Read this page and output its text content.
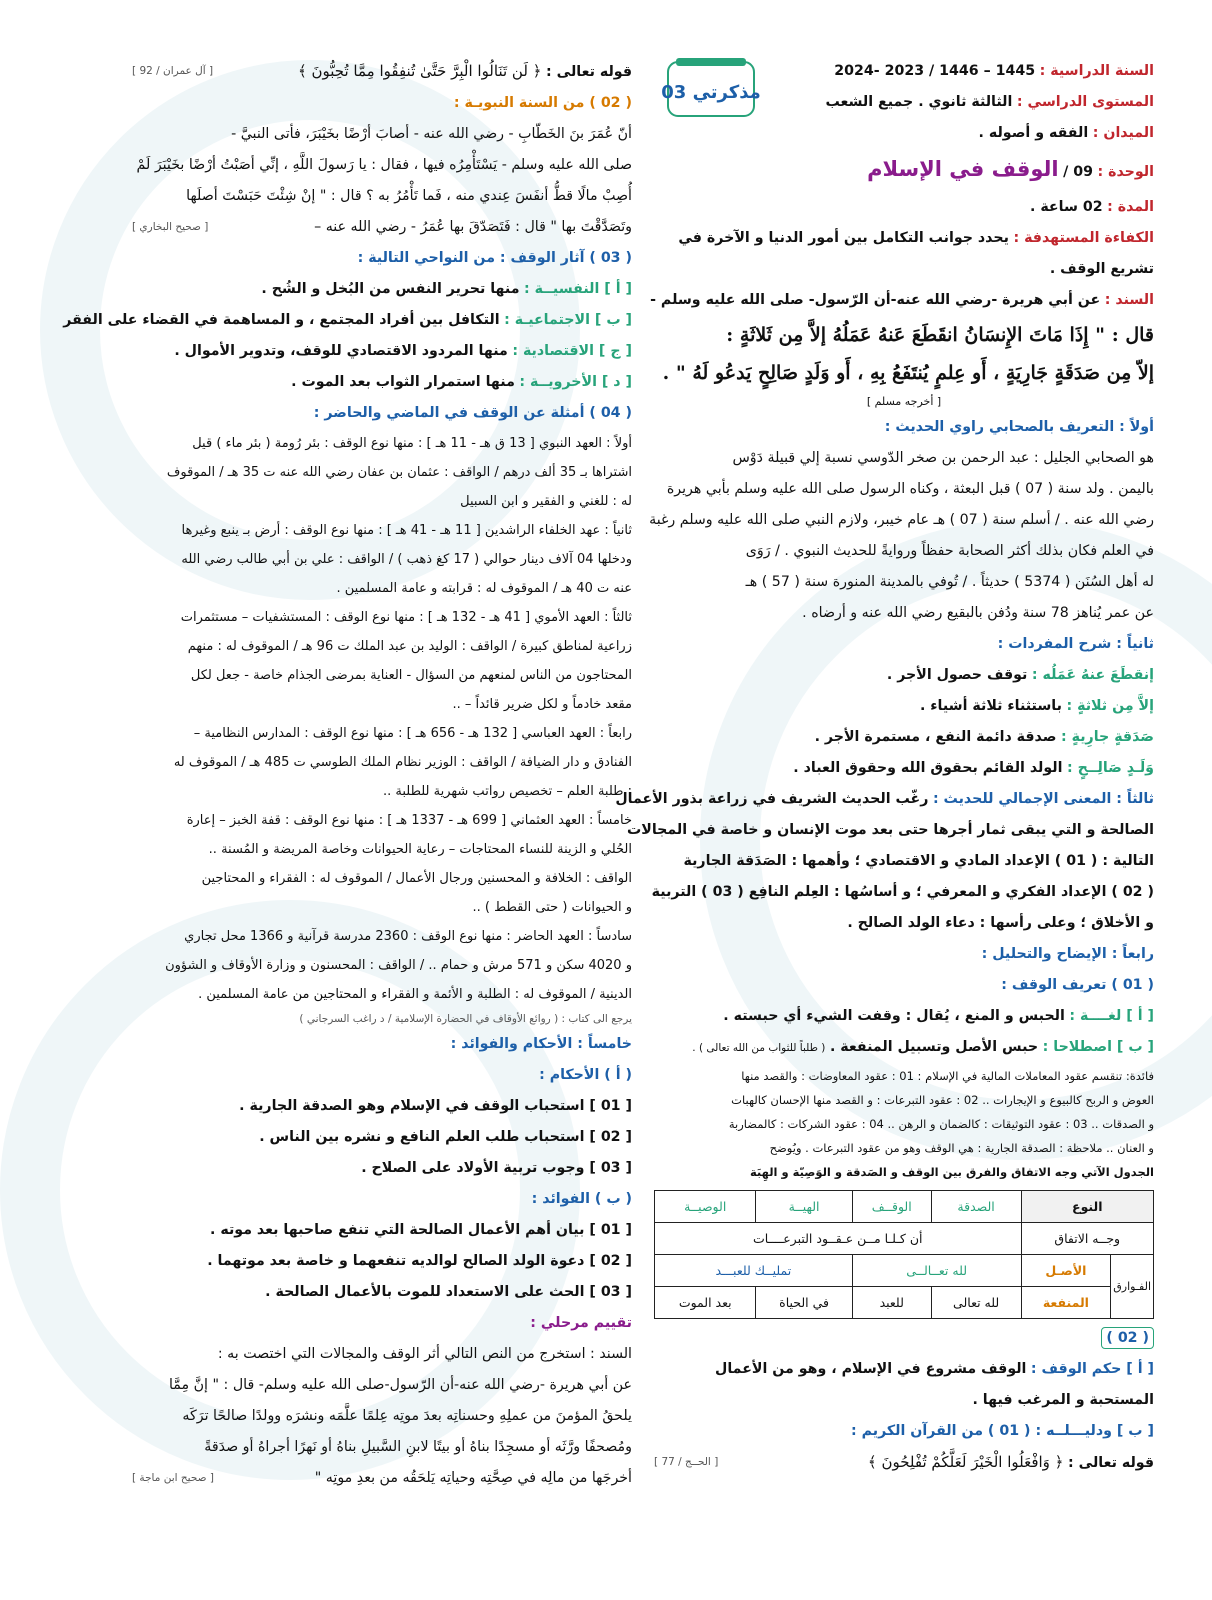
مذكرتي 03
السنة الدراسية : 1445 – 1446 / 2023 -2024
المستوى الدراسي : الثالثة ثانوي . جميع الشعب
الميدان : الفقه و أصوله .
الوحدة : 09 / الوقف في الإسلام
المدة : 02 ساعة .
الكفاءة المستهدفة : يحدد جوانب التكامل بين أمور الدنيا و الآخرة في تشريع الوقف .
السند : عن أبي هريرة -رضي الله عنه-أن الرّسول- صلى الله عليه وسلم -
قال : " إِذَا مَاتَ الإِنسَانُ انقَطَعَ عَنهُ عَمَلُهُ إلاَّ مِن ثَلاثَةٍ :
إلاّ مِن صَدَقَةٍ جَارِيَةٍ ، أَو عِلمٍ يُنتَفَعُ بِهِ ، أَو وَلَدٍ صَالِحٍ يَدعُو لَهُ " .
[ أخرجه مسلم ]
أولاً : التعريف بالصحابي راوي الحديث :
هو الصحابي الجليل : عبد الرحمن بن صخر الدّوسي نسبة إلي قبيلة دَوْس
باليمن . ولد سنة ( 07 ) قبل البعثة ، وكناه الرسول صلى الله عليه وسلم بأبي هريرة
رضي الله عنه . / أسلم سنة ( 07 ) هـ عام خيبر، ولازم النبي صلى الله عليه وسلم رغبة
في العلم فكان بذلك أكثر الصحابة حفظاً وروايةً للحديث النبوي . / رَوَى
له أهل السُنَن ( 5374 ) حديثاً . / تُوفي بالمدينة المنورة سنة ( 57 ) هـ
عن عمر يُناهز 78 سنة ودُفن بالبقيع رضي الله عنه و أرضاه .
ثانياً : شرح المفردات :
إنقطَعَ عنهُ عَمَلُه : توقف حصول الأجر .
إلاَّ مِن ثلاثةٍ : باستثناء ثلاثة أشياء .
صَدَقةٍ جارِيةٍ : صدقة دائمة النفع ، مستمرة الأجر .
وَلَـدٍ صَالِــحٍ : الولد القائم بحقوق الله وحقوق العباد .
ثالثاً : المعنى الإجمالي للحديث : رغّب الحديث الشريف في زراعة بذور الأعمال
الصالحة و التي يبقى ثمار أجرها حتى بعد موت الإنسان و خاصة في المجالات
التالية : ( 01 ) الإعداد المادي و الاقتصادي ؛ وأهمها : الصَدَقة الجارية
( 02 ) الإعداد الفكري و المعرفي ؛ و أساسُها : العِلم النافِع ( 03 ) التربية
و الأخلاق ؛ وعلى رأسها : دعاء الولد الصالح .
رابعاً : الإيضاح والتحليل :
( 01 ) تعريف الوقف :
[ أ ] لغــــة : الحبس و المنع ، يُقال : وقفت الشيء أي حبسته .
[ ب ] اصطلاحا : حبس الأصل وتسبيل المنفعة . ( طلباً للثواب من الله تعالى ) .
فائدة: تنقسم عقود المعاملات المالية في الإسلام : 01 : عقود المعاوضات : والقصد منها
العوض و الربح كالبيوع و الإيجارات .. 02 : عقود التبرعات : و القصد منها الإحسان كالهبات
و الصدقات .. 03 : عقود التوثيقات : كالضمان و الرهن .. 04 : عقود الشركات : كالمضاربة
و العنان .. ملاحظة : الصدقة الجارية : هي الوقف وهو من عقود التبرعات . ويُوضح
الجدول الآتي وجه الاتفاق والفرق بين الوقف و الصَدقة و الوَصِيّة و الهِبَة
النوع		الصدقة	الوقــف	الهيــة	الوصيــة
وجــه الاتفاق		أن كـلـا مــن عـقــود التبرعــــات			
الفـوارق	الأصـل	لله تعــالــى		تمليــك للعبـــد	
	المنفعة	لله تعالى	للعبد	في الحياة	بعد الموت
( 02 )
[ أ ] حكم الوقف : الوقف مشروع في الإسلام ، وهو من الأعمال المستحبة و المرغب فيها .
[ ب ] ودليـــلــه : ( 01 ) من القرآن الكريم :
قوله تعالى : ﴿ وَافْعَلُوا الْخَيْرَ لَعَلَّكُمْ تُفْلِحُونَ ﴾
[ الحــج / 77 ]
قوله تعالى : ﴿ لَن تَنَالُوا الْبِرَّ حَتَّىٰ تُنفِقُوا مِمَّا تُحِبُّونَ ﴾
[ آل عمران / 92 ]
( 02 ) من السنة النبويـة :
أنّ عُمَرَ بنَ الخَطّابِ - رضي الله عنه - أصابَ أرْضًا بخَيْبَرَ، فأتى النبيَّ -
صلى الله عليه وسلم - يَسْتَأْمِرُه فيها ، فقال : يا رَسولَ اللَّهِ ، إنِّي أصَبْتُ أرْضًا بخَيْبَرَ لَمْ
أُصِبْ مالًا قطُّ أنفَسَ عِندي منه ، فَما تَأْمُرُ به ؟ قال : " إنْ شِئْتَ حَبَسْتَ أصلَها
وتَصَدَّقْتَ بها " قال : فَتَصَدّقَ بها عُمَرُ - رضي الله عنه –
[ صحيح البخاري ]
( 03 ) آثار الوقف : من النواحي التالية :
[ أ ] النفسيــة : منها تحرير النفس من البُخل و الشُح .
[ ب ] الاجتماعيـة : التكافل بين أفراد المجتمع ، و المساهمة في القضاء على الفقر
[ ج ] الاقتصادية : منها المردود الاقتصادي للوقف، وتدوير الأموال .
[ د ] الأخرويــة : منها استمرار الثواب بعد الموت .
( 04 ) أمثلة عن الوقف في الماضي والحاضر :
أولاً : العهد النبوي [ 13 ق هـ - 11 هـ ] : منها نوع الوقف : بئر رُومة ( بئر ماء ) قيل
اشتراها بـ 35 ألف درهم / الواقف : عثمان بن عفان رضي الله عنه ت 35 هـ / الموقوف
له : للغني و الفقير و ابن السبيل
ثانياً : عهد الخلفاء الراشدين [ 11 هـ - 41 هـ ] : منها نوع الوقف : أرض بـ ينبع وغيرها
ودخلها 04 آلاف دينار حوالي ( 17 كغ ذهب ) / الواقف : علي بن أبي طالب رضي الله
عنه ت 40 هـ / الموقوف له : قرابته و عامة المسلمين .
ثالثاً : العهد الأموي [ 41 هـ - 132 هـ ] : منها نوع الوقف : المستشفيات – مستثمرات
زراعية لمناطق كبيرة / الواقف : الوليد بن عبد الملك ت 96 هـ / الموقوف له : منهم
المحتاجون من الناس لمنعهم من السؤال - العناية بمرضى الجذام خاصة - جعل لكل
مقعد خادماً و لكل ضرير قائداً – ..
رابعاً : العهد العباسي [ 132 هـ - 656 هـ ] : منها نوع الوقف : المدارس النظامية –
الفنادق و دار الضيافة / الواقف : الوزير نظام الملك الطوسي ت 485 هـ / الموقوف له
: طلبة العلم – تخصيص رواتب شهرية للطلبة ..
خامساً : العهد العثماني [ 699 هـ - 1337 هـ ] : منها نوع الوقف : قفة الخبز – إعارة
الحُلي و الزينة للنساء المحتاجات – رعاية الحيوانات وخاصة المريضة و المُسنة ..
الواقف : الخلافة و المحسنين ورجال الأعمال / الموقوف له : الفقراء و المحتاجين
و الحيوانات ( حتى القطط ) ..
سادساً : العهد الحاضر : منها نوع الوقف : 2360 مدرسة قرآنية و 1366 محل تجاري
و 4020 سكن و 571 مرش و حمام .. / الواقف : المحسنون و وزارة الأوقاف و الشؤون
الدينية / الموقوف له : الطلبة و الأئمة و الفقراء و المحتاجين من عامة المسلمين .
يرجع الى كتاب : ( روائع الأوقاف في الحضارة الإسلامية / د راغب السرجاني )
خامساً : الأحكام والفوائد :
( أ ) الأحكام :
[ 01 ] استحباب الوقف في الإسلام وهو الصدقة الجارية .
[ 02 ] استحباب طلب العلم النافع و نشره بين الناس .
[ 03 ] وجوب تربية الأولاد على الصلاح .
( ب ) الفوائد :
[ 01 ] بيان أهم الأعمال الصالحة التي تنفع صاحبها بعد موته .
[ 02 ] دعوة الولد الصالح لوالديه تنفعهما و خاصة بعد موتهما .
[ 03 ] الحث على الاستعداد للموت بالأعمال الصالحة .
تقييم مرحلي :
السند : استخرج من النص التالي أثر الوقف والمجالات التي اختصت به :
عن أبي هريرة -رضي الله عنه-أن الرّسول-صلى الله عليه وسلم- قال : " إنَّ مِمَّا
يلحقُ المؤمنَ من عملِهِ وحسناتِه بعدَ موتِه عِلمًا علَّمَه ونشرَه وولدًا صالحًا ترَكَه
ومُصحفًا ورَّثَه أو مسجِدًا بناهُ أو بيتًا لابنِ السَّبيلِ بناهُ أو نَهرًا أجراهُ أو صدَقةً
أخرجَها من مالِه في صِحَّتِه وحياتِه يَلحَقُه من بعدِ موتِه "
[ صحيح ابن ماجة ]
